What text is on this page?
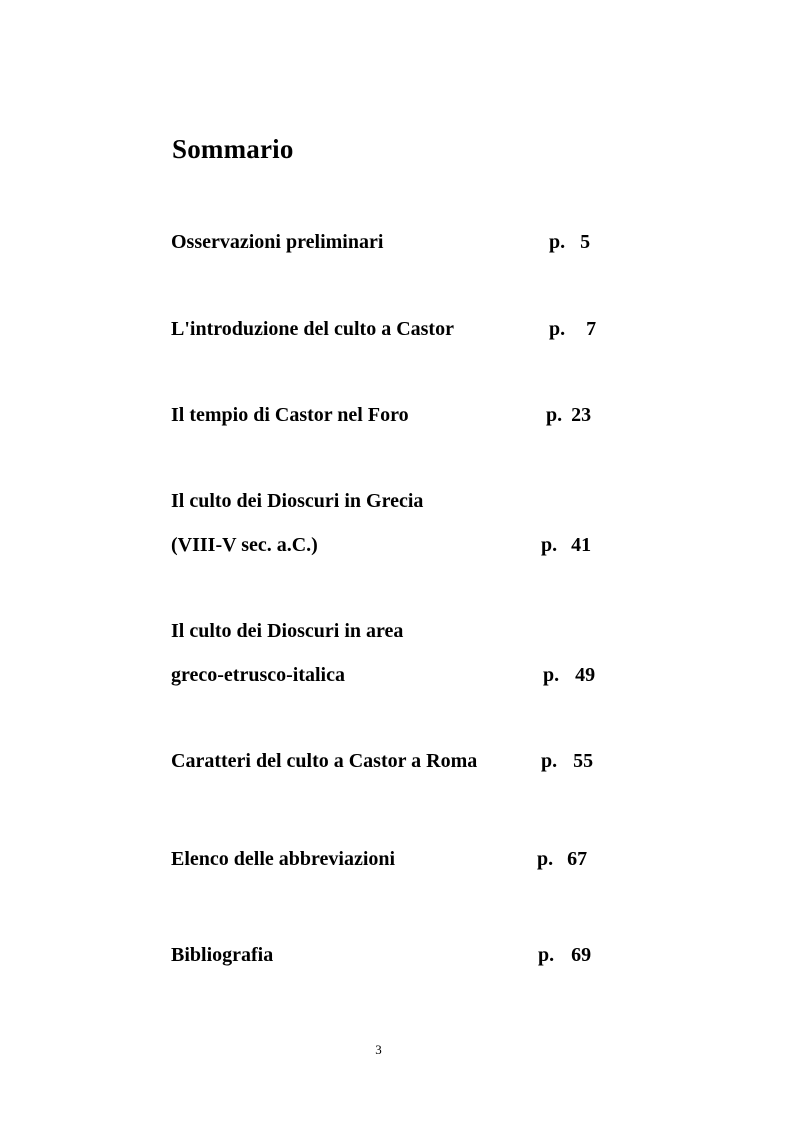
Sommario
Osservazioni preliminari	p. 5
L'introduzione del culto a Castor	p. 7
Il tempio di Castor nel Foro	p. 23
Il culto dei Dioscuri in Grecia
(VIII-V sec. a.C.)	p. 41
Il culto dei Dioscuri in area
greco-etrusco-italica	p. 49
Caratteri del culto a Castor a Roma	p. 55
Elenco delle abbreviazioni	p. 67
Bibliografia	p. 69
3
